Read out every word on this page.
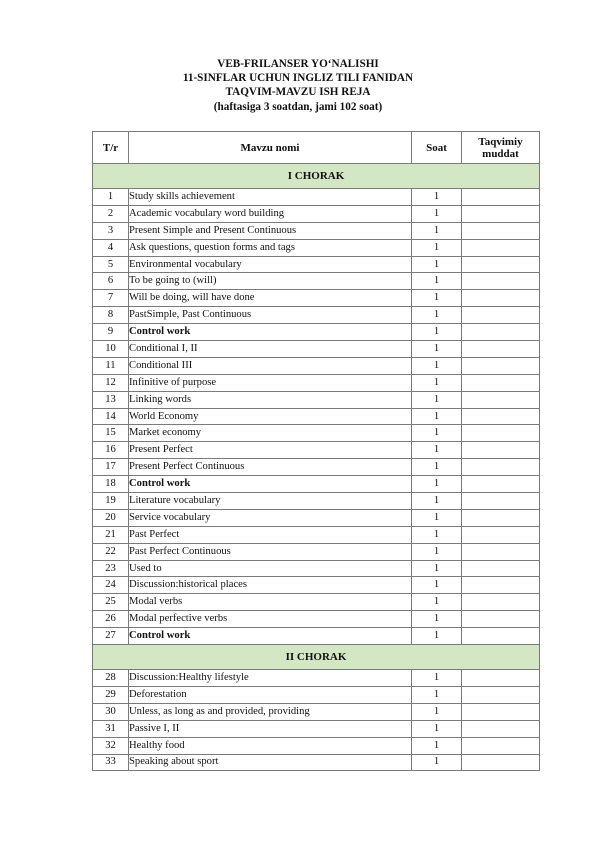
VEB-FRILANSER YO‘NALISHI
11-SINFLAR UCHUN INGLIZ TILI FANIDAN
TAQVIM-MAVZU ISH REJA
(haftasiga 3 soatdan, jami 102 soat)
T/r	Mavzu nomi	Soat	Taqvimiy
muddat

I CHORAK			
1	Study skills achievement	1	
2	Academic vocabulary word building	1	
3	Present Simple and Present Continuous	1	
4	Ask questions, question forms and tags	1	
5	Environmental vocabulary	1	
6	To be going to (will)	1	
7	Will be doing, will have done	1	
8	PastSimple, Past Continuous	1	
9	Control work	1	
10	Conditional I, II	1	
11	Conditional III	1	
12	Infinitive of purpose	1	
13	Linking words	1	
14	World Economy	1	
15	Market economy	1	
16	Present Perfect	1	
17	Present Perfect Continuous	1	
18	Control work	1	
19	Literature vocabulary	1	
20	Service vocabulary	1	
21	Past Perfect	1	
22	Past Perfect Continuous	1	
23	Used to	1	
24	Discussion:historical places	1	
25	Modal verbs	1	
26	Modal perfective verbs	1	
27	Control work	1	
II CHORAK			
28	Discussion:Healthy lifestyle	1	
29	Deforestation	1	
30	Unless, as long as and provided, providing	1	
31	Passive I, II	1	
32	Healthy food	1	
33	Speaking about sport	1	
